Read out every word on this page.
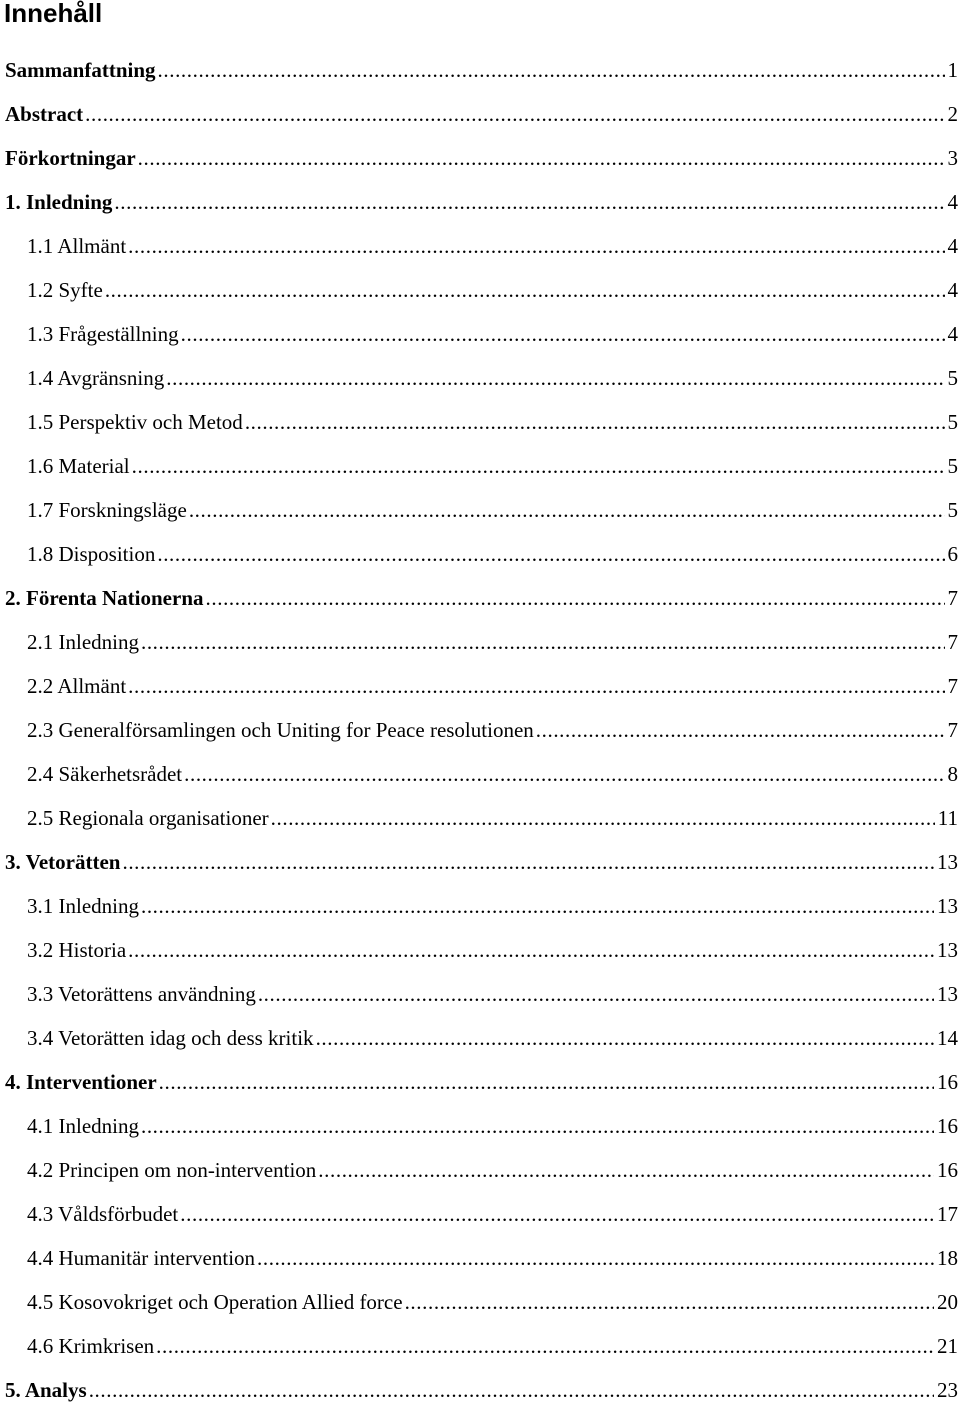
Innehåll
Sammanfattning .....	1
Abstract .....	2
Förkortningar .....	3
1. Inledning .....	4
1.1 Allmänt .....	4
1.2 Syfte .....	4
1.3 Frågeställning .....	4
1.4 Avgränsning .....	5
1.5 Perspektiv och Metod .....	5
1.6 Material .....	5
1.7 Forskningsläge .....	5
1.8 Disposition .....	6
2. Förenta Nationerna .....	7
2.1 Inledning .....	7
2.2 Allmänt .....	7
2.3 Generalförsamlingen och Uniting for Peace resolutionen .....	7
2.4 Säkerhetsrådet .....	8
2.5 Regionala organisationer .....	11
3. Vetorätten .....	13
3.1 Inledning .....	13
3.2 Historia .....	13
3.3 Vetorättens användning .....	13
3.4 Vetorätten idag och dess kritik .....	14
4. Interventioner .....	16
4.1 Inledning .....	16
4.2 Principen om non-intervention .....	16
4.3 Våldsförbudet .....	17
4.4 Humanitär intervention .....	18
4.5 Kosovokriget och Operation Allied force .....	20
4.6 Krimkrisen .....	21
5. Analys .....	23
